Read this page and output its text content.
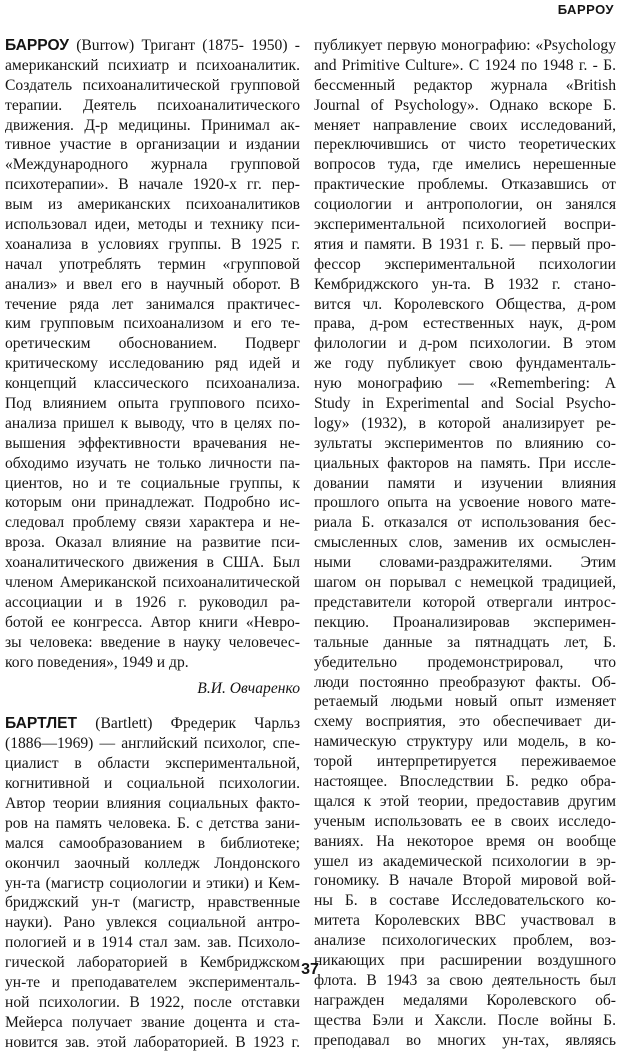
БАРРОУ
БАРРОУ (Burrow) Тригант (1875- 1950) -
американский психиатр и психоаналитик.
Создатель психоаналитической групповой
терапии. Деятель психоаналитического
движения. Д-р медицины. Принимал ак-
тивное участие в организации и издании
«Международного журнала групповой
психотерапии». В начале 1920-х гг. пер-
вым из американских психоаналитиков
использовал идеи, методы и технику пси-
хоанализа в условиях группы. В 1925 г.
начал употреблять термин «групповой
анализ» и ввел его в научный оборот. В
течение ряда лет занимался практичес-
ким групповым психоанализом и его те-
оретическим обоснованием. Подверг
критическому исследованию ряд идей и
концепций классического психоанализа.
Под влиянием опыта группового психо-
анализа пришел к выводу, что в целях по-
вышения эффективности врачевания не-
обходимо изучать не только личности па-
циентов, но и те социальные группы, к
которым они принадлежат. Подробно ис-
следовал проблему связи характера и не-
вроза. Оказал влияние на развитие пси-
хоаналитического движения в США. Был
членом Американской психоаналитической
ассоциации и в 1926 г. руководил ра-
ботой ее конгресса. Автор книги «Невро-
зы человека: введение в науку человечес-
кого поведения», 1949 и др.
В.И. Овчаренко
БАРТЛЕТ (Bartlett) Фредерик Чарльз
(1886—1969) — английский психолог, спе-
циалист в области экспериментальной,
когнитивной и социальной психологии.
Автор теории влияния социальных факто-
ров на память человека. Б. с детства зани-
мался самообразованием в библиотеке;
окончил заочный колледж Лондонского
ун-та (магистр социологии и этики) и Кем-
бриджский ун-т (магистр, нравственные
науки). Рано увлекся социальной антро-
пологией и в 1914 стал зам. зав. Психоло-
гической лабораторией в Кембриджском
ун-те и преподавателем эксперименталь-
ной психологии. В 1922, после отставки
Мейерса получает звание доцента и ста-
новится зав. этой лабораторией. В 1923 г.
публикует первую монографию: «Psychology
and Primitive Culture». С 1924 по 1948 г. - Б.
бессменный редактор журнала «British
Journal of Psychology». Однако вскоре Б.
меняет направление своих исследований,
переключившись от чисто теоретических
вопросов туда, где имелись нерешенные
практические проблемы. Отказавшись от
социологии и антропологии, он занялся
экспериментальной психологией воспри-
ятия и памяти. В 1931 г. Б. — первый про-
фессор экспериментальной психологии
Кембриджского ун-та. В 1932 г. стано-
вится чл. Королевского Общества, д-ром
права, д-ром естественных наук, д-ром
филологии и д-ром психологии. В этом
же году публикует свою фундаменталь-
ную монографию — «Remembering: A
Study in Experimental and Social Psycho-
logy» (1932), в которой анализирует ре-
зультаты экспериментов по влиянию со-
циальных факторов на память. При иссле-
довании памяти и изучении влияния
прошлого опыта на усвоение нового мате-
риала Б. отказался от использования бес-
смысленных слов, заменив их осмыслен-
ными словами-раздражителями. Этим
шагом он порывал с немецкой традицией,
представители которой отвергали интрос-
пекцию. Проанализировав эксперимен-
тальные данные за пятнадцать лет, Б.
убедительно продемонстрировал, что
люди постоянно преобразуют факты. Об-
ретаемый людьми новый опыт изменяет
схему восприятия, это обеспечивает ди-
намическую структуру или модель, в ко-
торой интерпретируется переживаемое
настоящее. Впоследствии Б. редко обра-
щался к этой теории, предоставив другим
ученым использовать ее в своих исследо-
ваниях. На некоторое время он вообще
ушел из академической психологии в эр-
гономику. В начале Второй мировой вой-
ны Б. в составе Исследовательского ко-
митета Королевских ВВС участвовал в
анализе психологических проблем, воз-
никающих при расширении воздушного
флота. В 1943 за свою деятельность был
награжден медалями Королевского об-
щества Бэли и Хаксли. После войны Б.
преподавал во многих ун-тах, являясь
37
